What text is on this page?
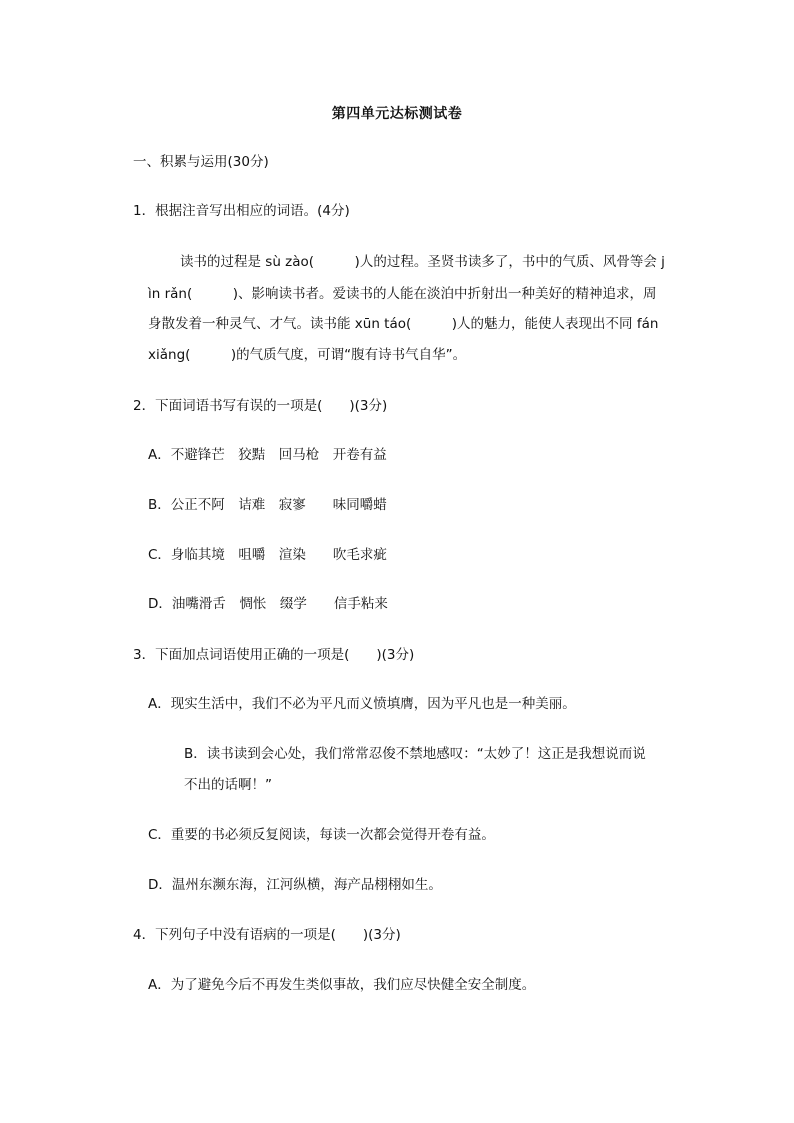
第四单元达标测试卷
一、积累与运用(30分)
1．根据注音写出相应的词语。(4分)
读书的过程是 sù zào(　　　)人的过程。圣贤书读多了，书中的气质、风骨等会 j
ìn rǎn(　　　)、影响读书者。爱读书的人能在淡泊中折射出一种美好的精神追求，周
身散发着一种灵气、才气。读书能 xūn táo(　　　)人的魅力，能使人表现出不同 fán
xiǎng(　　　)的气质气度，可谓“腹有诗书气自华”。
2．下面词语书写有误的一项是(　　)(3分)
A．不避锋芒　狡黠　回马枪　开卷有益
B．公正不阿　诘难　寂寥　　味同嚼蜡
C．身临其境　咀嚼　渲染　　吹毛求疵
D．油嘴滑舌　惆怅　缀学　　信手粘来
3．下面加点词语使用正确的一项是(　　)(3分)
A．现实生活中，我们不必为平凡而义愤填膺，因为平凡也是一种美丽。
B．读书读到会心处，我们常常忍俊不禁地感叹：“太妙了！这正是我想说而说
不出的话啊！”
C．重要的书必须反复阅读，每读一次都会觉得开卷有益。
D．温州东濒东海，江河纵横，海产品栩栩如生。
4．下列句子中没有语病的一项是(　　)(3分)
A．为了避免今后不再发生类似事故，我们应尽快健全安全制度。
